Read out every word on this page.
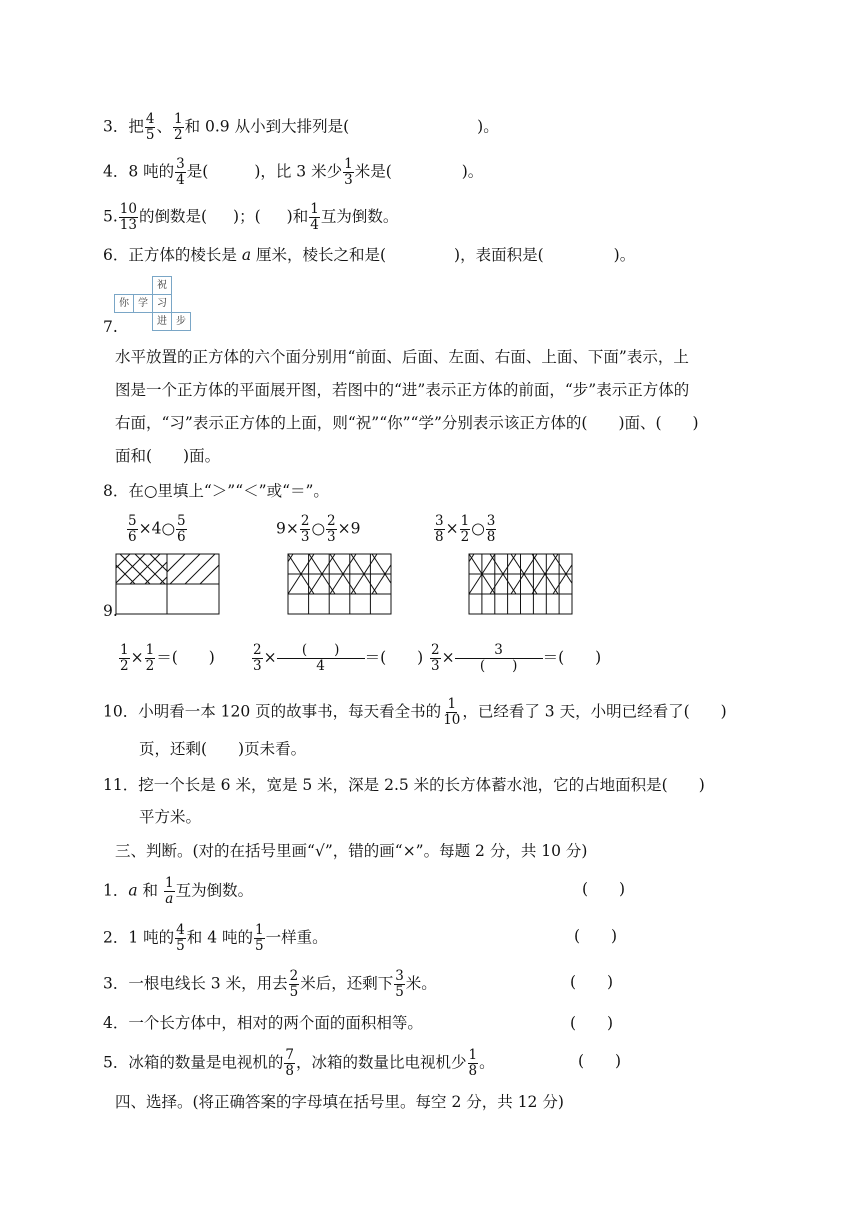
3．把 $\frac{4}{5}$ 、 $\frac{1}{2}$ 和 0.9 从小到大排列是(	)。
4．8 吨的 $\frac{3}{4}$ 是(	)，比 3 米少 $\frac{1}{3}$ 米是(	)。
5. $\frac{10}{13}$ 的倒数是( )；( )和 $\frac{1}{4}$ 互为倒数。
6．正方体的棱长是 a 厘米，棱长之和是(	)，表面积是(	)。
祝
你 学 习
进 步
7.
水平放置的正方体的六个面分别用“前面、后面、左面、右面、上面、下面”表示，上
图是一个正方体的平面展开图，若图中的“进”表示正方体的前面，“步”表示正方体的
右面，“习”表示正方体的上面，则“祝”“你”“学”分别表示该正方体的(　　)面、(　　)
面和(　　)面。
8．在○里填上“＞”“＜”或“＝”。
$\frac{5}{6}$ ×4○ $\frac{5}{6}$	$9\times \frac{2}{3}$ ○ $\frac{2}{3} \times 9$	$\frac{3}{8} \times \frac{1}{2}$ ○ $\frac{3}{8}$
9.
$\frac{1}{2} \times \frac{1}{2}$ ＝(　　)	$\frac{2}{3}$ ×	(　　)
4	＝(　　) $\frac{2}{3}$ ×	3
(　　) ＝(　　)
10．小明看一本 120 页的故事书，每天看全书的 $\frac{1}{10}$ ，已经看了 3 天，小明已经看了(　　)
页，还剩(　　)页未看。
11．挖一个长是 6 米，宽是 5 米，深是 2.5 米的长方体蓄水池，它的占地面积是(　　)
平方米。
三、判断。(对的在括号里画“√”，错的画“×”。每题 2 分，共 10 分)
1．a 和 $\frac{1}{a}$ 互为倒数。	(　　)
2．1 吨的 $\frac{4}{5}$ 和 4 吨的 $\frac{1}{5}$ 一样重。	(　　)
3．一根电线长 3 米，用去 $\frac{2}{5}$ 米后，还剩下 $\frac{3}{5}$ 米。	(　　)
4．一个长方体中，相对的两个面的面积相等。	(　　)
5．冰箱的数量是电视机的 $\frac{7}{8}$ ，冰箱的数量比电视机少 $\frac{1}{8}$ 。	(　　)
四、选择。(将正确答案的字母填在括号里。每空 2 分，共 12 分)
